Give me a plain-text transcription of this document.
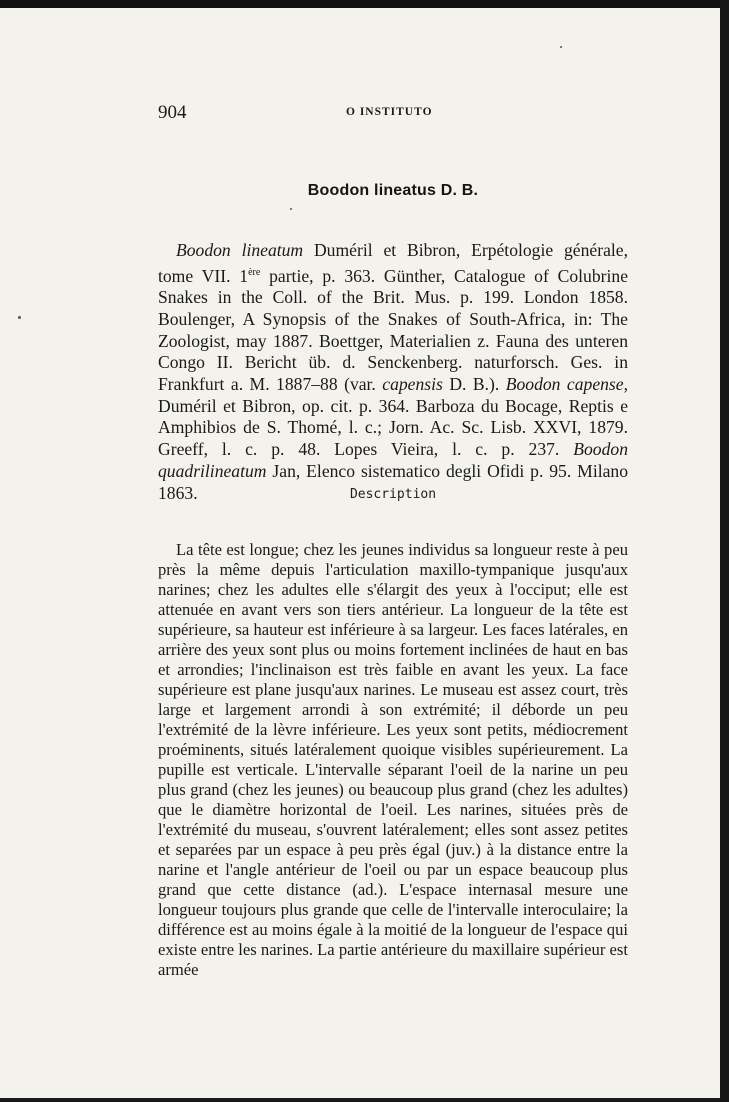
904	O INSTITUTO
Boodon lineatus D. B.
Boodon lineatum Duméril et Bibron, Erpétologie générale, tome VII. 1ère partie, p. 363. Günther, Catalogue of Colubrine Snakes in the Coll. of the Brit. Mus. p. 199. London 1858. Boulenger, A Synopsis of the Snakes of South-Africa, in: The Zoologist, may 1887. Boettger, Materialien z. Fauna des unteren Congo II. Bericht üb. d. Senckenberg. naturforsch. Ges. in Frankfurt a. M. 1887–88 (var. capensis D. B.). Boodon capense, Duméril et Bibron, op. cit. p. 364. Barboza du Bocage, Reptis e Amphibios de S. Thomé, l. c.; Jorn. Ac. Sc. Lisb. XXVI, 1879. Greeff, l. c. p. 48. Lopes Vieira, l. c. p. 237. Boodon quadrilineatum Jan, Elenco sistematico degli Ofidi p. 95. Milano 1863.	Description
La tête est longue; chez les jeunes individus sa longueur reste à peu près la même depuis l'articulation maxillo-tympanique jusqu'aux narines; chez les adultes elle s'élargit des yeux à l'occiput; elle est attenuée en avant vers son tiers antérieur. La longueur de la tête est supérieure, sa hauteur est inférieure à sa largeur. Les faces latérales, en arrière des yeux sont plus ou moins fortement inclinées de haut en bas et arrondies; l'inclinaison est très faible en avant les yeux. La face supérieure est plane jusqu'aux narines. Le museau est assez court, très large et largement arrondi à son extrémité; il déborde un peu l'extrémité de la lèvre inférieure. Les yeux sont petits, médiocrement proéminents, situés latéralement quoique visibles supérieurement. La pupille est verticale. L'intervalle séparant l'oeil de la narine un peu plus grand (chez les jeunes) ou beaucoup plus grand (chez les adultes) que le diamètre horizontal de l'oeil. Les narines, situées près de l'extrémité du museau, s'ouvrent latéralement; elles sont assez petites et separées par un espace à peu près égal (juv.) à la distance entre la narine et l'angle antérieur de l'oeil ou par un espace beaucoup plus grand que cette distance (ad.). L'espace internasal mesure une longueur toujours plus grande que celle de l'intervalle interoculaire; la différence est au moins égale à la moitié de la longueur de l'espace qui existe entre les narines. La partie antérieure du maxillaire supérieur est armée
